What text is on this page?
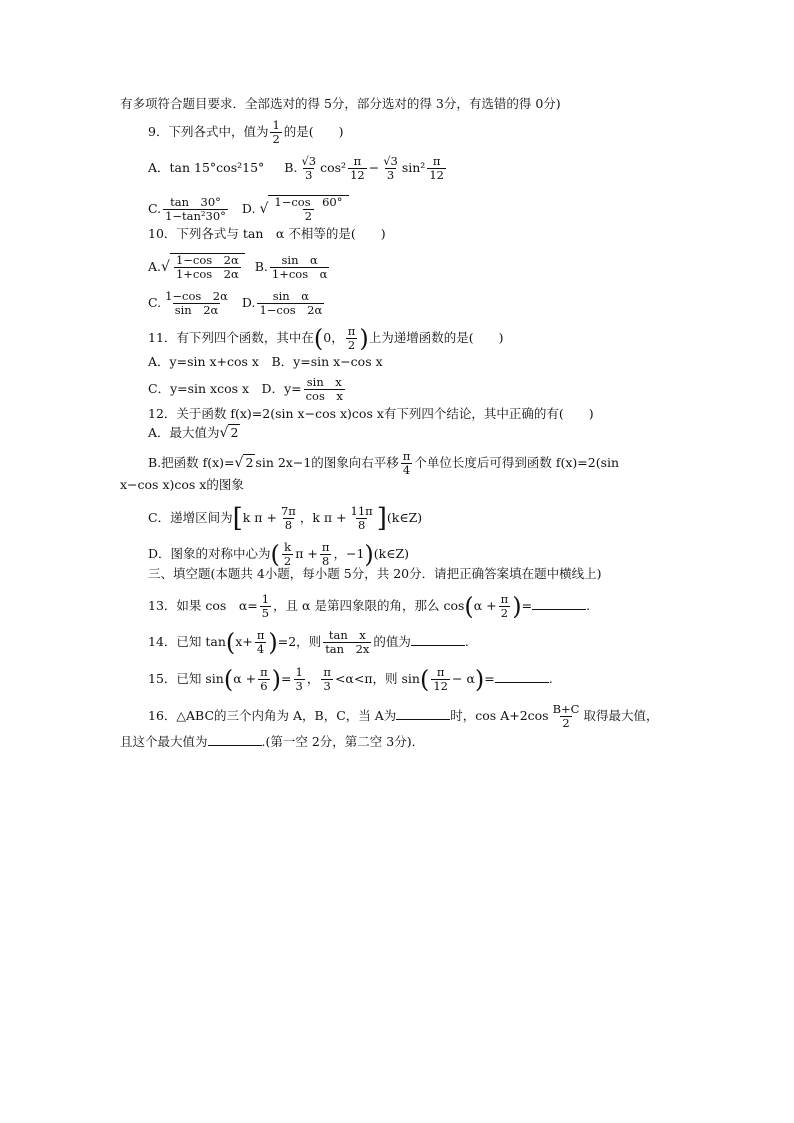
有多项符合题目要求．全部选对的得 5分，部分选对的得 3分，有选错的得 0分)
9．下列各式中，值为 $\frac{1}{2}$ 的是(　　)
A．tan 15°cos²15° B. $\frac{√3}{3} \cos^2 \frac{\pi}{12} - \frac{√3}{3} \sin^2 \frac{\pi}{12}$
C. $\frac{\tan 30^\circ}{\text{1−tan²30°}} D$. √ $\frac{1-\cos 60^\circ}{2}$
10．下列各式与 tan　α 不相等的是(　　)
$A.√ \frac{1-\cos 2\alpha}{1+\cos 2\alpha} B$. $\frac{\text{sin　α}}{\text{1+cos　α}}$
C. $\frac{1-\cos 2\alpha}{\sin 2\alpha} D$. $\frac{\text{sin　α}}{1-\cos 2\alpha}$
11．有下列四个函数，其中在(0， $\frac{\pi}{2}$ )上为递增函数的是(　　)
A．y=sin x+cos x　B．y=sin x−cos x
C．y=sin xcos x　D．$y= \frac{\text{sin　x}}{\text{cos　x}}$
12．关于函数 f(x)=2(sin x−cos x)cos x有下列四个结论，其中正确的有(　　)
A．最大值为√ 2
B.把函数 f(x)=√ 2 sin 2x−1的图象向右平移 $\frac{\pi}{4}$ 个单位长度后可得到函数 f(x)=2(sin
x−cos x)cos x的图象
C．递增区间为[k $\pi + \frac{7\pi}{8}$ ，k $\pi + \frac{11\pi}{8}$ ](k∈Z)
D．图象的对称中心为( $\frac{k}{2}$ $\pi + \frac{\pi}{8}$ ，−1)(k∈Z)
三、填空题(本题共 4小题，每小题 5分，共 20分．请把正确答案填在题中横线上)
13．如果 cos　$\alpha= \frac{1}{5}$ ，且 α 是第四象限的角，那么 $\cos(\alpha + \frac{\pi}{2}$ )=	.
14．已知 $\tan(x+ \frac{\pi}{4} )=2$，则 $\frac{\text{tan　x}}{\tan 2x}$ 的值为	.
15．已知 $\sin(\alpha + \frac{\pi}{6}$ )= $\frac{1}{3}$ ， $\frac{\pi}{3} <\alpha<\pi$，则 $\sin( \frac{\pi}{12} - \alpha)=$	.
16．△ABC的三个内角为 A，B，C，当 A为	时，$\cos A+2\cos \frac{B+C}{2}$ 取得最大值，
且这个最大值为	.(第一空 2分，第二空 3分)．
